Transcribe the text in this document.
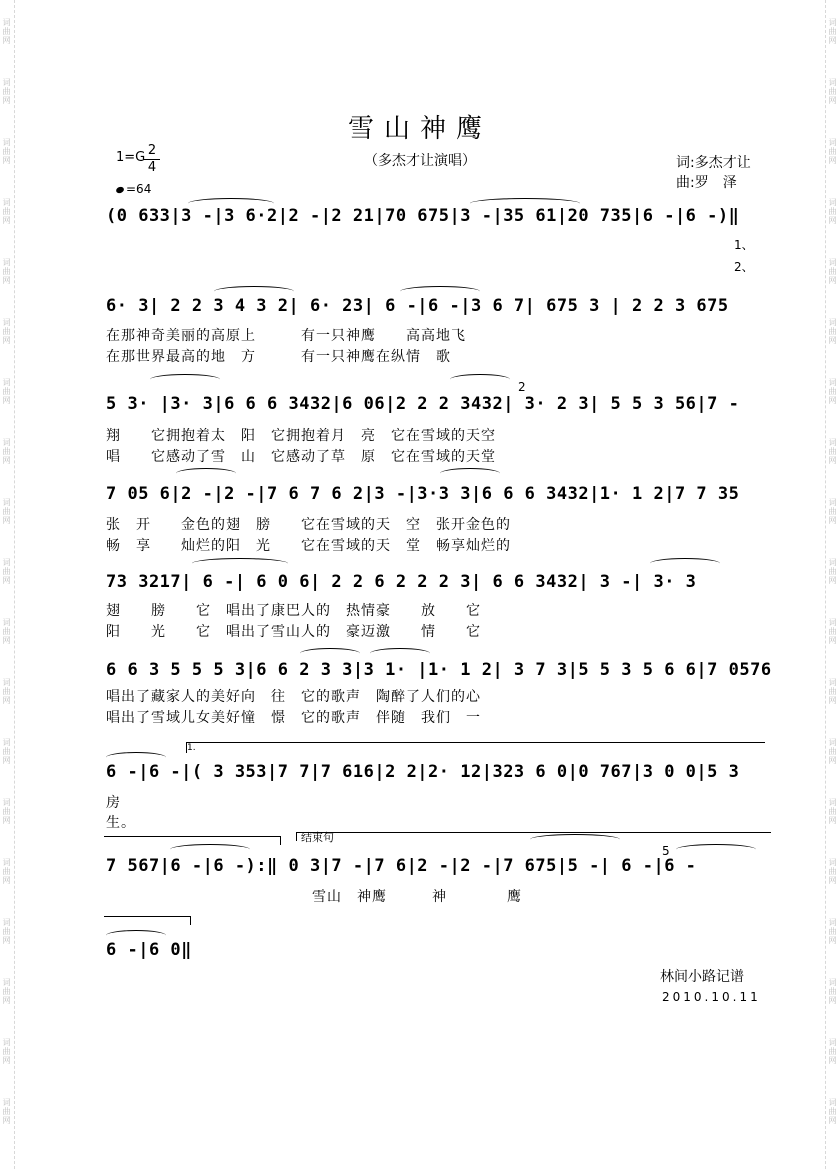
词曲网
词曲网
词曲网
词曲网
词曲网
词曲网
词曲网
词曲网
词曲网
词曲网
词曲网
词曲网
词曲网
词曲网
词曲网
词曲网
词曲网
词曲网
词曲网
词曲网
词曲网
词曲网
词曲网
词曲网
词曲网
词曲网
词曲网
词曲网
词曲网
词曲网
词曲网
词曲网
词曲网
词曲网
词曲网
词曲网
词曲网
词曲网
雪山神鹰
（多杰才让演唱）
1=G 2
4
=64
词:多杰才让
曲:罗　泽
(0 633|3 -|3 6·2|2 -|2 21|70 675|3 -|35 61|20 735|6 -|6 -)‖
1、
2、
6· 3| 2 2 3 4 3 2| 6· 23| 6 -|6 -|3 6 7| 675 3 | 2 2 3 675
在那神奇美丽的高原上　　　有一只神鹰　　高高地飞
在那世界最高的地　方　　　有一只神鹰在纵情　歌
5 3· |3· 3|6 6 6 3432|6 06|2 2 2 3432| 3· 2 3| 5 5 3 56|7 -
2
翔　　它拥抱着太　阳　它拥抱着月　亮　它在雪域的天空
唱　　它感动了雪　山　它感动了草　原　它在雪域的天堂
7 05 6|2 -|2 -|7 6 7 6 2|3 -|3·3 3|6 6 6 3432|1· 1 2|7 7 35
张　开　　金色的翅　膀　　它在雪域的天　空　张开金色的
畅　享　　灿烂的阳　光　　它在雪域的天　堂　畅享灿烂的
73 3217| 6 -| 6 0 6| 2 2 6 2 2 2 3| 6 6 3432| 3 -| 3· 3
翅　　膀　　它　唱出了康巴人的　热情豪　　放　　它
阳　　光　　它　唱出了雪山人的　豪迈激　　情　　它
6 6 3 5 5 5 3|6 6 2 3 3|3 1· |1· 1 2| 3 7 3|5 5 3 5 6 6|7 0576
唱出了藏家人的美好向　往　它的歌声　陶醉了人们的心
唱出了雪域儿女美好憧　憬　它的歌声　伴随　我们　一
1.
6 -|6 -|( 3 353|7 7|7 616|2 2|2· 12|323 6 0|0 767|3 0 0|5 3
房
生。
结束句
7 567|6 -|6 -):‖ 0 3|7 -|7 6|2 -|2 -|7 675|5 -| 6 -|6 -
5
雪山　神鹰　　　神　　　　鹰
6 -|6 0‖
林间小路记谱
2010.10.11
